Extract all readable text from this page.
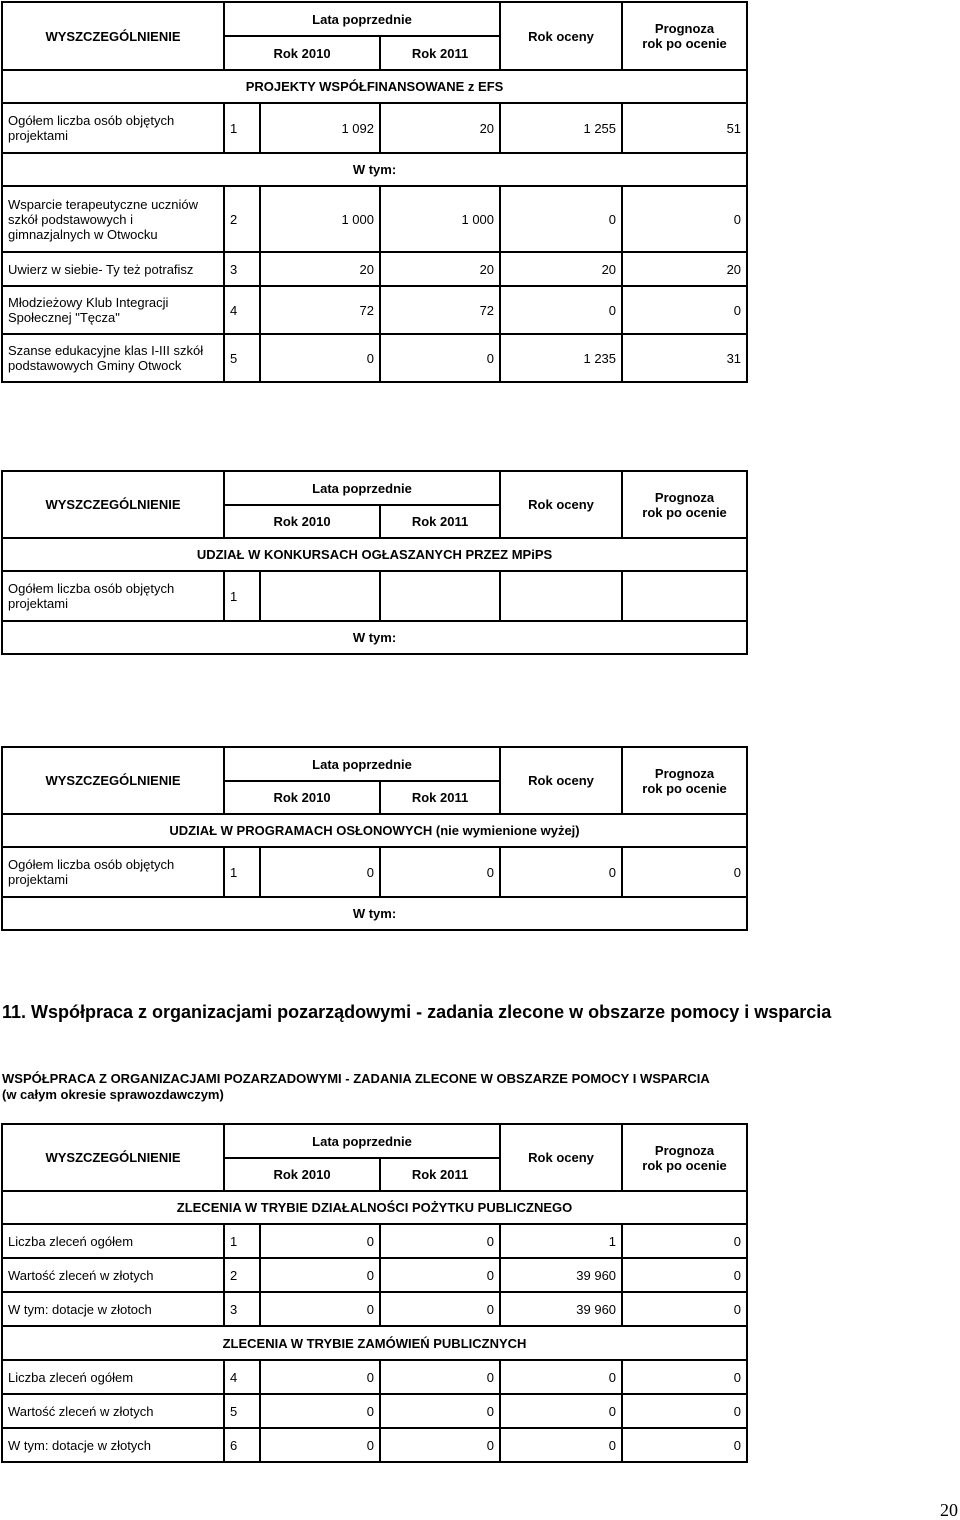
WYSZCZEGÓLNIENIE	Lata poprzednie			Rok oceny	Prognoza
rok po ocenie
	Rok 2010		Rok 2011		
PROJEKTY WSPÓŁFINANSOWANE z EFS					
Ogółem liczba osób objętych projektami	1	1 092	20	1 255	51
W tym:					
Wsparcie terapeutyczne uczniów szkół podstawowych i gimnazjalnych w Otwocku	2	1 000	1 000	0	0
Uwierz w siebie- Ty też potrafisz	3	20	20	20	20
Młodzieżowy Klub Integracji Społecznej "Tęcza"	4	72	72	0	0
Szanse edukacyjne klas I-III szkół podstawowych Gminy Otwock	5	0	0	1 235	31
WYSZCZEGÓLNIENIE	Lata poprzednie			Rok oceny	Prognoza
rok po ocenie
	Rok 2010		Rok 2011		
UDZIAŁ W KONKURSACH OGŁASZANYCH PRZEZ MPiPS					
Ogółem liczba osób objętych projektami	1				
W tym:					
WYSZCZEGÓLNIENIE	Lata poprzednie			Rok oceny	Prognoza
rok po ocenie
	Rok 2010		Rok 2011		
UDZIAŁ W PROGRAMACH OSŁONOWYCH (nie wymienione wyżej)					
Ogółem liczba osób objętych projektami	1	0	0	0	0
W tym:					
11. Współpraca z organizacjami pozarządowymi - zadania zlecone w obszarze pomocy i wsparcia
WSPÓŁPRACA Z ORGANIZACJAMI POZARZADOWYMI - ZADANIA ZLECONE W OBSZARZE POMOCY I WSPARCIA
(w całym okresie sprawozdawczym)
WYSZCZEGÓLNIENIE	Lata poprzednie			Rok oceny	Prognoza
rok po ocenie
	Rok 2010		Rok 2011		
ZLECENIA W TRYBIE DZIAŁALNOŚCI POŻYTKU PUBLICZNEGO					
Liczba zleceń ogółem	1	0	0	1	0
Wartość zleceń w złotych	2	0	0	39 960	0
W tym: dotacje w złotoch	3	0	0	39 960	0
ZLECENIA W TRYBIE ZAMÓWIEŃ PUBLICZNYCH					
Liczba zleceń ogółem	4	0	0	0	0
Wartość zleceń w złotych	5	0	0	0	0
W tym: dotacje w złotych	6	0	0	0	0
20
